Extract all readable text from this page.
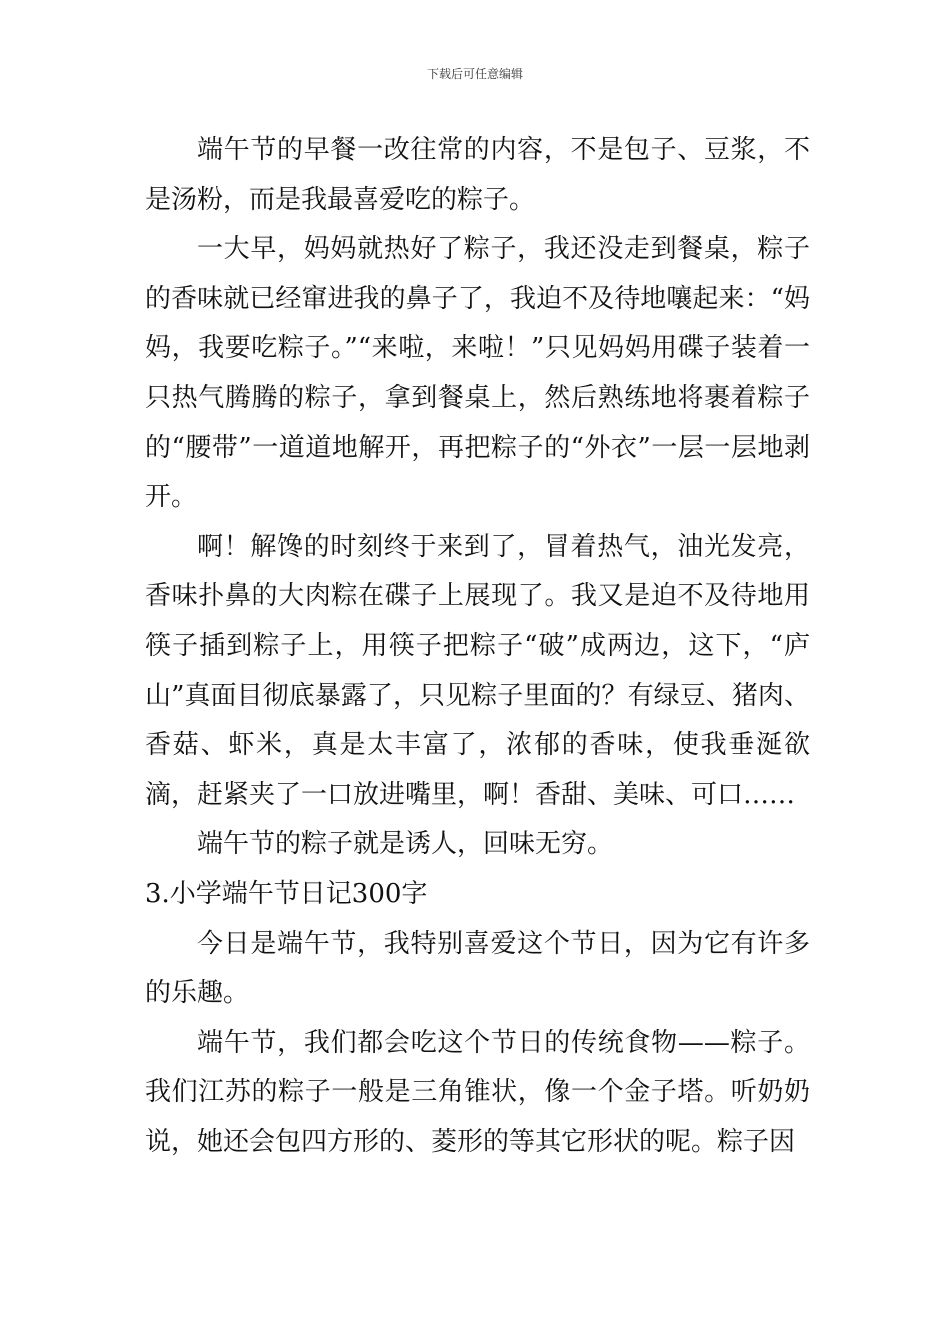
下载后可任意编辑

端午节的早餐一改往常的内容，不是包子、豆浆，不是汤粉，而是我最喜爱吃的粽子。

一大早，妈妈就热好了粽子，我还没走到餐桌，粽子的香味就已经窜进我的鼻子了，我迫不及待地嚷起来：“妈妈，我要吃粽子。”“来啦，来啦！”只见妈妈用碟子装着一只热气腾腾的粽子，拿到餐桌上，然后熟练地将裹着粽子的“腰带”一道道地解开，再把粽子的“外衣”一层一层地剥开。

啊！解馋的时刻终于来到了，冒着热气，油光发亮，香味扑鼻的大肉粽在碟子上展现了。我又是迫不及待地用筷子插到粽子上，用筷子把粽子“破”成两边，这下，“庐山”真面目彻底暴露了，只见粽子里面的？有绿豆、猪肉、香菇、虾米，真是太丰富了，浓郁的香味，使我垂涎欲滴，赶紧夹了一口放进嘴里，啊！香甜、美味、可口……

端午节的粽子就是诱人，回味无穷。

3.小学端午节日记300字

今日是端午节，我特别喜爱这个节日，因为它有许多的乐趣。

端午节，我们都会吃这个节日的传统食物——粽子。我们江苏的粽子一般是三角锥状，像一个金子塔。听奶奶说，她还会包四方形的、菱形的等其它形状的呢。粽子因
